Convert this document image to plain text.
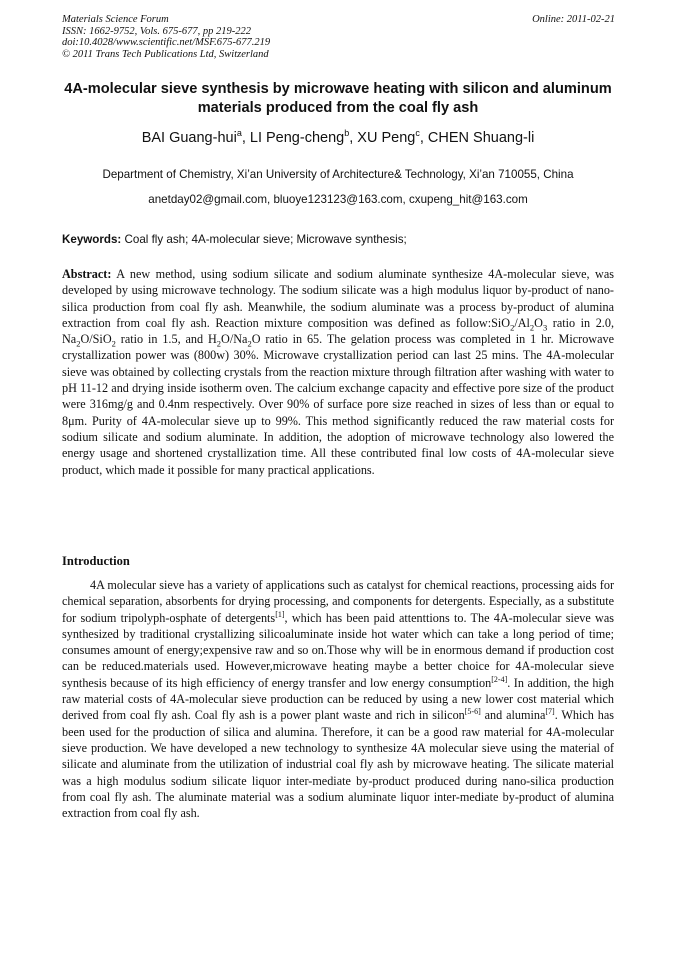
Materials Science Forum
ISSN: 1662-9752, Vols. 675-677, pp 219-222
doi:10.4028/www.scientific.net/MSF.675-677.219
© 2011 Trans Tech Publications Ltd, Switzerland
Online: 2011-02-21
4A-molecular sieve synthesis by microwave heating with silicon and aluminum materials produced from the coal fly ash
BAI Guang-hui$^a$, LI Peng-cheng$^b$, XU Peng$^c$, CHEN Shuang-li
Department of Chemistry, Xi’an University of Architecture& Technology, Xi’an 710055, China
anetday02@gmail.com, bluoye123123@163.com, cxupeng_hit@163.com
Keywords: Coal fly ash; 4A-molecular sieve; Microwave synthesis;
Abstract: A new method, using sodium silicate and sodium aluminate synthesize 4A-molecular sieve, was developed by using microwave technology. The sodium silicate was a high modulus liquor by-product of nano-silica production from coal fly ash. Meanwhile, the sodium aluminate was a process by-product of alumina extraction from coal fly ash. Reaction mixture composition was defined as $follow:SiO_2/Al_2O_3$ ratio in 2.0, $Na_2O/SiO_2$ ratio in 1.5, and $H_2O/Na_2O$ ratio in 65. The gelation process was completed in 1 hr. Microwave crystallization power was (800w) 30%. Microwave crystallization period can last 25 mins. The 4A-molecular sieve was obtained by collecting crystals from the reaction mixture through filtration after washing with water to pH 11-12 and drying inside isotherm oven. The calcium exchange capacity and effective pore size of the product were 316mg/g and 0.4nm respectively. Over 90% of surface pore size reached in sizes of less than or equal to 8μm. Purity of 4A-molecular sieve up to 99%. This method significantly reduced the raw material costs for sodium silicate and sodium aluminate. In addition, the adoption of microwave technology also lowered the energy usage and shortened crystallization time. All these contributed final low costs of 4A-molecular sieve product, which made it possible for many practical applications.
Introduction
4A molecular sieve has a variety of applications such as catalyst for chemical reactions, processing aids for chemical separation, absorbents for drying processing, and components for detergents. Especially, as a substitute for sodium tripolyph-osphate of detergents[1], which has been paid attenttions to. The 4A-molecular sieve was synthesized by traditional crystallizing silicoaluminate inside hot water which can take a long period of time; consumes amount of energy;expensive raw and so on.Those why will be in enormous demand if production cost can be reduced.materials used. However,microwave heating maybe a better choice for 4A-molecular sieve synthesis because of its high efficiency of energy transfer and low energy consumption[2-4]. In addition, the high raw material costs of 4A-molecular sieve production can be reduced by using a new lower cost material which derived from coal fly ash. Coal fly ash is a power plant waste and rich in silicon[5-6] and alumina[7]. Which has been used for the production of silica and alumina. Therefore, it can be a good raw material for 4A-molecular sieve production. We have developed a new technology to synthesize 4A molecular sieve using the material of silicate and aluminate from the utilization of industrial coal fly ash by microwave heating. The silicate material was a high modulus sodium silicate liquor inter-mediate by-product produced during nano-silica production from coal fly ash. The aluminate material was a sodium aluminate liquor inter-mediate by-product of alumina extraction from coal fly ash.
